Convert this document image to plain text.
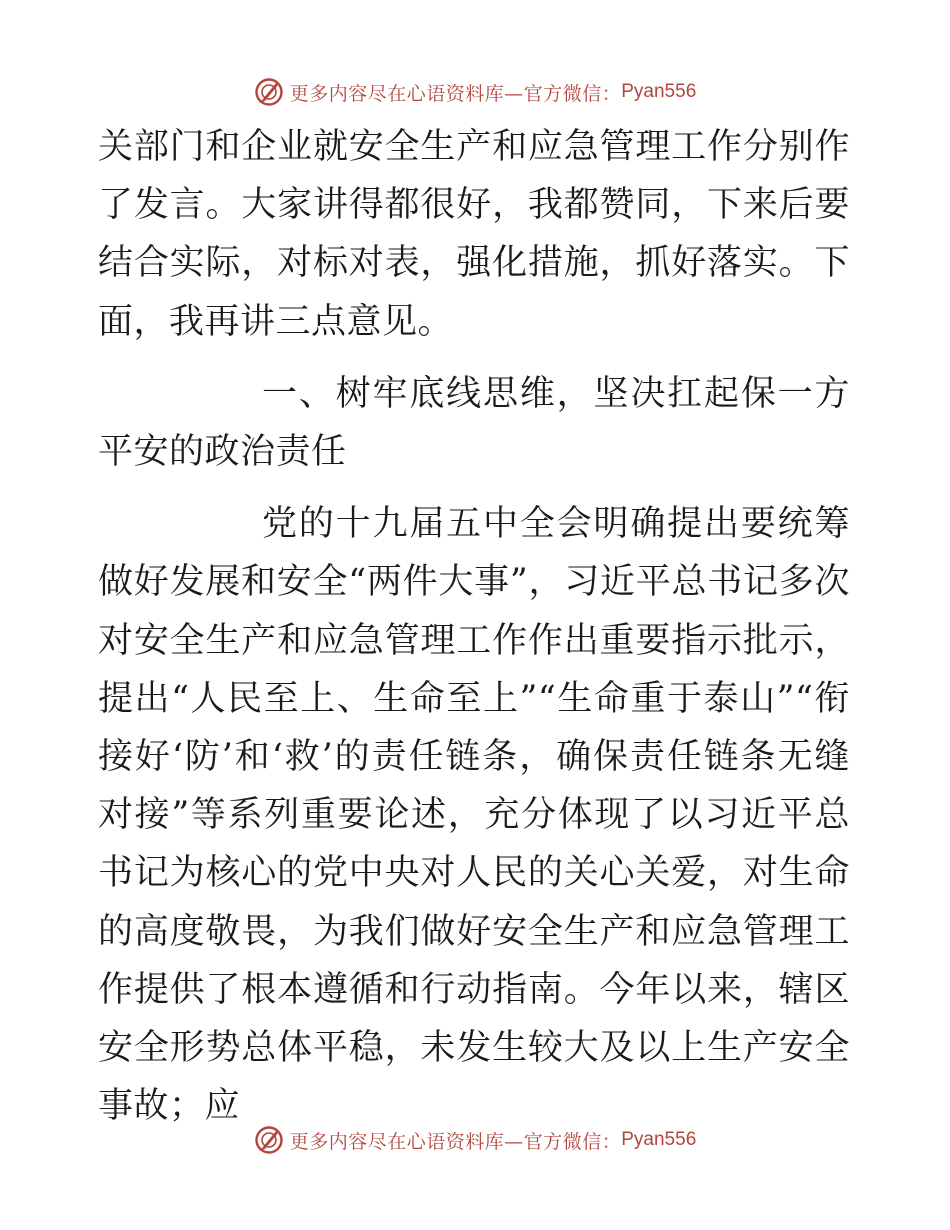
更多内容尽在心语资料库—官方微信： Pyan556

关部门和企业就安全生产和应急管理工作分别作了发言。大家讲得都很好，我都赞同，下来后要结合实际，对标对表，强化措施，抓好落实。下面，我再讲三点意见。

一、树牢底线思维，坚决扛起保一方平安的政治责任

党的十九届五中全会明确提出要统筹做好发展和安全“两件大事”，习近平总书记多次对安全生产和应急管理工作作出重要指示批示，提出“人民至上、生命至上”“生命重于泰山”“衔接好‘防’和‘救’的责任链条，确保责任链条无缝对接”等系列重要论述，充分体现了以习近平总书记为核心的党中央对人民的关心关爱，对生命的高度敬畏，为我们做好安全生产和应急管理工作提供了根本遵循和行动指南。今年以来，辖区安全形势总体平稳，未发生较大及以上生产安全事故；应

更多内容尽在心语资料库—官方微信： Pyan556
